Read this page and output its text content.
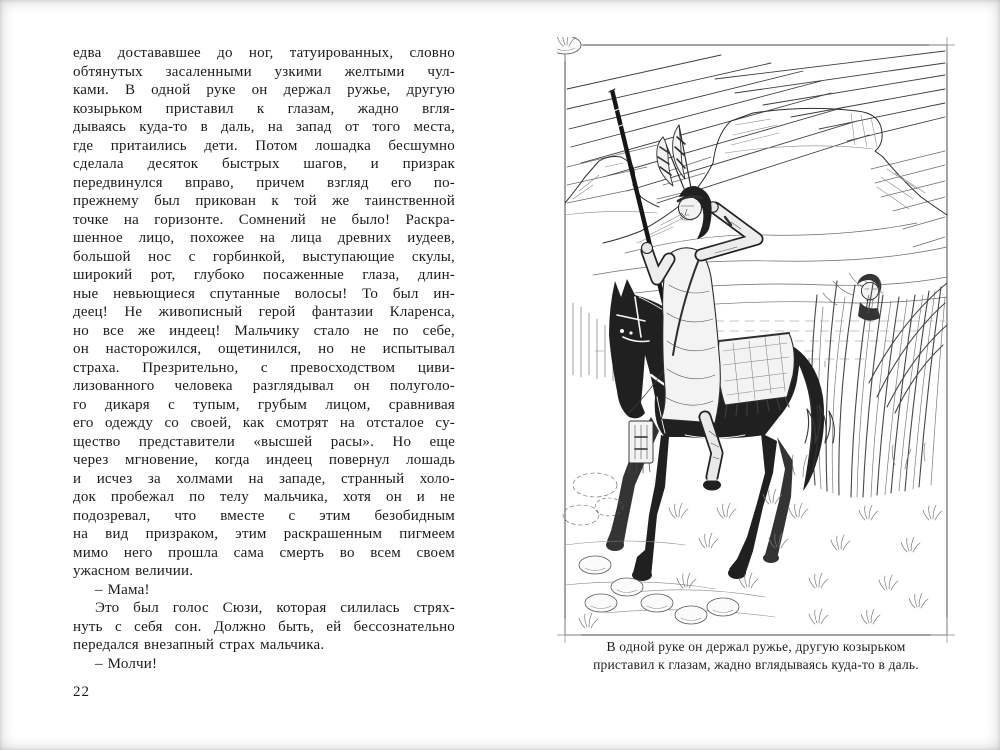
едва достававшее до ног, татуированных, словно
обтянутых засаленными узкими желтыми чул-
ками. В одной руке он держал ружье, другую
козырьком приставил к глазам, жадно вгля-
дываясь куда-то в даль, на запад от того места,
где притаились дети. Потом лошадка бесшумно
сделала десяток быстрых шагов, и призрак
передвинулся вправо, причем взгляд его по-
прежнему был прикован к той же таинственной
точке на горизонте. Сомнений не было! Раскра-
шенное лицо, похожее на лица древних иудеев,
большой нос с горбинкой, выступающие скулы,
широкий рот, глубоко посаженные глаза, длин-
ные невьющиеся спутанные волосы! То был ин-
деец! Не живописный герой фантазии Кларенса,
но все же индеец! Мальчику стало не по себе,
он насторожился, ощетинился, но не испытывал
страха. Презрительно, с превосходством циви-
лизованного человека разглядывал он полуголо-
го дикаря с тупым, грубым лицом, сравнивая
его одежду со своей, как смотрят на отсталое су-
щество представители «высшей расы». Но еще
через мгновение, когда индеец повернул лошадь
и исчез за холмами на западе, странный холо-
док пробежал по телу мальчика, хотя он и не
подозревал, что вместе с этим безобидным
на вид призраком, этим раскрашенным пигмеем
мимо него прошла сама смерть во всем своем
ужасном величии.
– Мама!
Это был голос Сюзи, которая силилась стрях-
нуть с себя сон. Должно быть, ей бессознательно
передался внезапный страх мальчика.
– Молчи!
22
В одной руке он держал ружье, другую козырьком
приставил к глазам, жадно вглядываясь куда-то в даль.
